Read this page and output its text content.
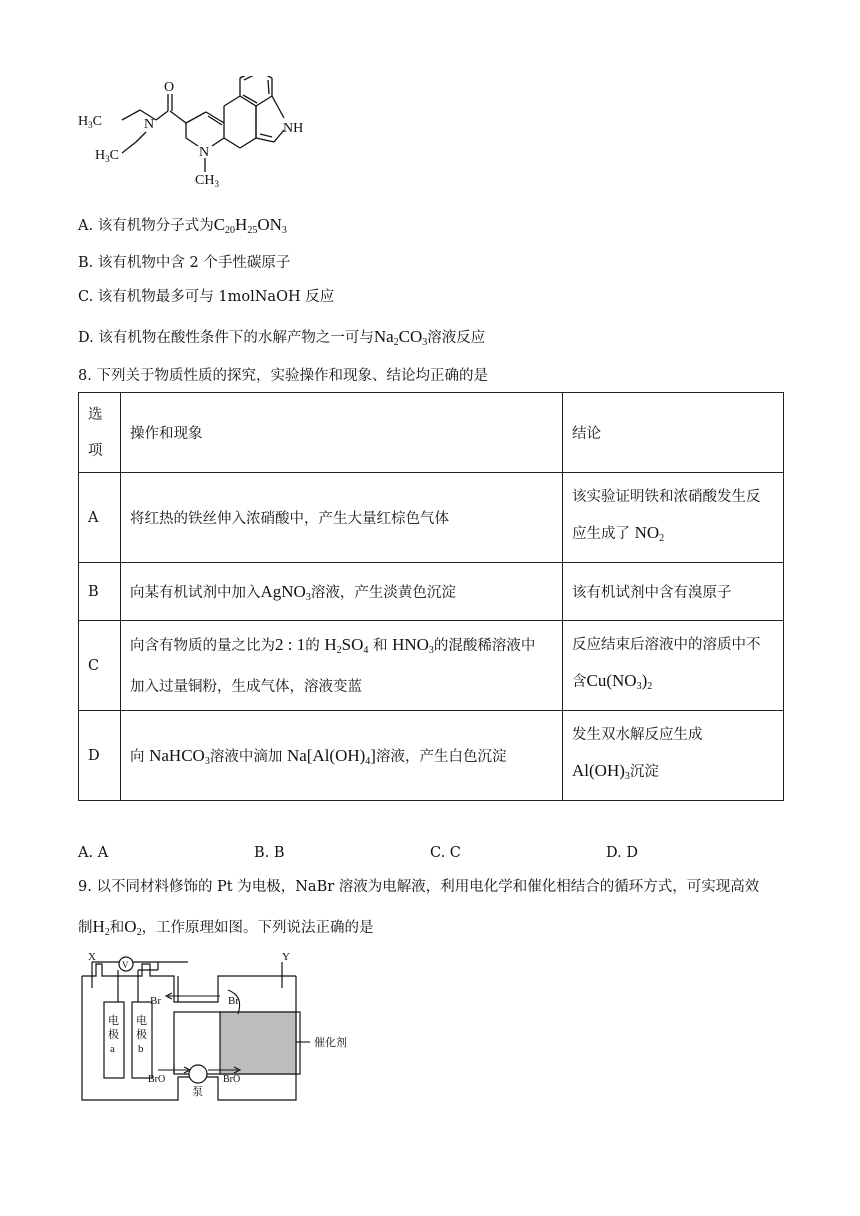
$H_3C$
$H_3C$
O
N
N
NH
$CH_3$
A. 该有机物分子式为$C_{20}H_{25}ON_3$
B. 该有机物中含 2 个手性碳原子
C. 该有机物最多可与 1molNaOH 反应
D. 该有机物在酸性条件下的水解产物之一可与$Na_2CO_3$溶液反应
8. 下列关于物质性质的探究，实验操作和现象、结论均正确的是
选
项	操作和现象	结论
A	将红热的铁丝伸入浓硝酸中，产生大量红棕色气体	该实验证明铁和浓硝酸发生反
应生成了 $NO_2$

B	向某有机试剂中加入AgNO$_3$溶液，产生淡黄色沉淀	该有机试剂中含有溴原子
C	向含有物质的量之比为2 : 1的 $H_2SO_4$ 和 $HNO_3$的混酸稀溶液中
加入过量铜粉，生成气体，溶液变蓝	反应结束后溶液中的溶质中不
含$Cu(NO_3)_2$

D	向 NaHCO$_3$溶液中滴加 $Na[Al(OH)_4]$溶液，产生白色沉淀	发生双水解反应生成
$Al(OH)_3$沉淀
A. A	B. B	C. C	D. D
9. 以不同材料修饰的 Pt 为电极，NaBr 溶液为电解液，利用电化学和催化相结合的循环方式，可实现高效
制$H_2$和$O_2$，工作原理如图。下列说法正确的是
X	Y
V
Br	Br
BrO	BrO
泵
催化剂
电
极
a
电
极
b
